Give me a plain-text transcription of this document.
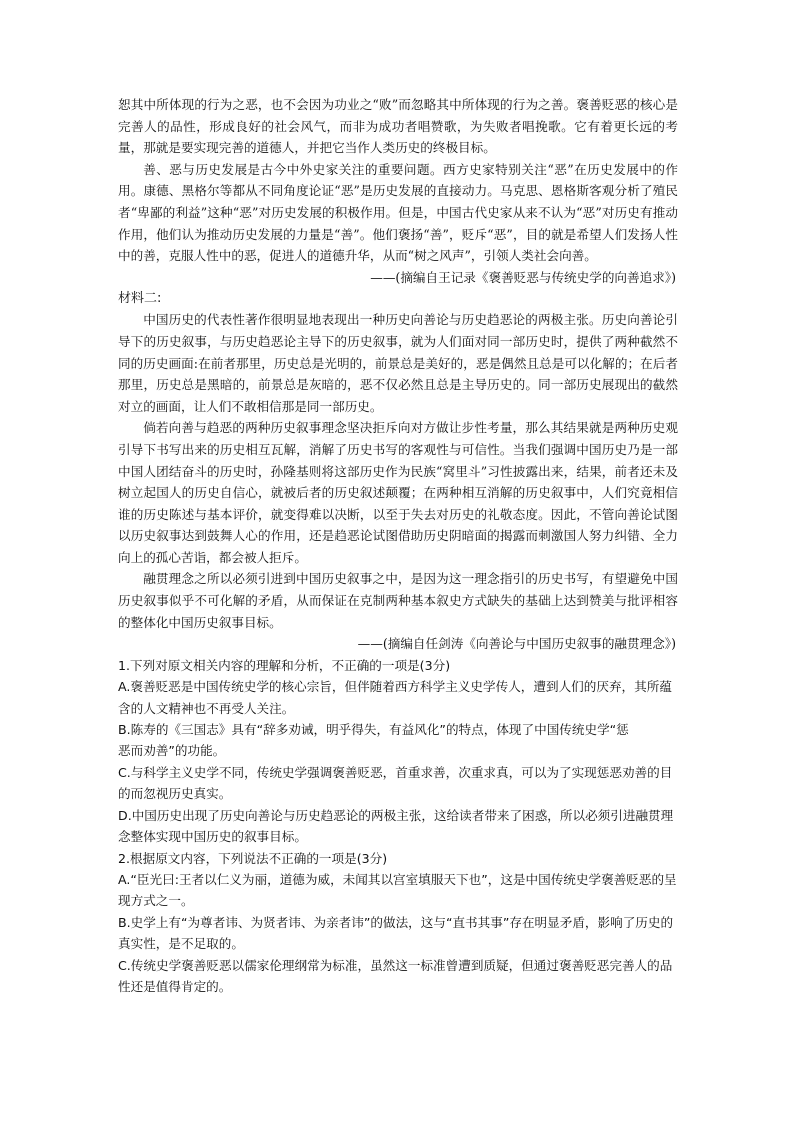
恕其中所体现的行为之恶，也不会因为功业之“败”而忽略其中所体现的行为之善。褒善贬恶的核心是完善人的品性，形成良好的社会风气，而非为成功者唱赞歌，为失败者唱挽歌。它有着更长远的考量，那就是要实现完善的道德人，并把它当作人类历史的终极目标。

善、恶与历史发展是古今中外史家关注的重要问题。西方史家特别关注“恶”在历史发展中的作用。康德、黑格尔等都从不同角度论证“恶”是历史发展的直接动力。马克思、恩格斯客观分析了殖民者“卑鄙的利益”这种“恶”对历史发展的积极作用。但是，中国古代史家从来不认为“恶”对历史有推动作用，他们认为推动历史发展的力量是“善”。他们褒扬“善”，贬斥“恶”，目的就是希望人们发扬人性中的善，克服人性中的恶，促进人的道德升华，从而“树之风声”，引领人类社会向善。

——(摘编自王记录《褒善贬恶与传统史学的向善追求》)

材料二:

中国历史的代表性著作很明显地表现出一种历史向善论与历史趋恶论的两极主张。历史向善论引导下的历史叙事，与历史趋恶论主导下的历史叙事，就为人们面对同一部历史时，提供了两种截然不同的历史画面:在前者那里，历史总是光明的，前景总是美好的，恶是偶然且总是可以化解的；在后者那里，历史总是黑暗的，前景总是灰暗的，恶不仅必然且总是主导历史的。同一部历史展现出的截然对立的画面，让人们不敢相信那是同一部历史。

倘若向善与趋恶的两种历史叙事理念坚决拒斥向对方做让步性考量，那么其结果就是两种历史观引导下书写出来的历史相互瓦解，消解了历史书写的客观性与可信性。当我们强调中国历史乃是一部中国人团结奋斗的历史时，孙隆基则将这部历史作为民族“窝里斗”习性披露出来，结果，前者还未及树立起国人的历史自信心，就被后者的历史叙述颠覆；在两种相互消解的历史叙事中，人们究竟相信谁的历史陈述与基本评价，就变得难以决断，以至于失去对历史的礼敬态度。因此，不管向善论试图以历史叙事达到鼓舞人心的作用，还是趋恶论试图借助历史阴暗面的揭露而刺激国人努力纠错、全力向上的孤心苦诣，都会被人拒斥。

融贯理念之所以必须引进到中国历史叙事之中，是因为这一理念指引的历史书写，有望避免中国历史叙事似乎不可化解的矛盾，从而保证在克制两种基本叙史方式缺失的基础上达到赞美与批评相容的整体化中国历史叙事目标。

——(摘编自任剑涛《向善论与中国历史叙事的融贯理念》)

1.下列对原文相关内容的理解和分析，不正确的一项是(3分)

A.褒善贬恶是中国传统史学的核心宗旨，但伴随着西方科学主义史学传人，遭到人们的厌弃，其所蕴含的人文精神也不再受人关注。

B.陈寿的《三国志》具有“辞多劝诫，明乎得失，有益风化”的特点，体现了中国传统史学“惩

恶而劝善”的功能。

C.与科学主义史学不同，传统史学强调褒善贬恶，首重求善，次重求真，可以为了实现惩恶劝善的目的而忽视历史真实。

D.中国历史出现了历史向善论与历史趋恶论的两极主张，这给读者带来了困惑，所以必须引进融贯理念整体实现中国历史的叙事目标。

2.根据原文内容，下列说法不正确的一项是(3分)

A.“臣光曰:王者以仁义为丽，道德为威，未闻其以宫室填服天下也”，这是中国传统史学褒善贬恶的呈现方式之一。

B.史学上有“为尊者讳、为贤者讳、为亲者讳”的做法，这与“直书其事”存在明显矛盾，影响了历史的真实性，是不足取的。

C.传统史学褒善贬恶以儒家伦理纲常为标准，虽然这一标准曾遭到质疑，但通过褒善贬恶完善人的品性还是值得肯定的。
